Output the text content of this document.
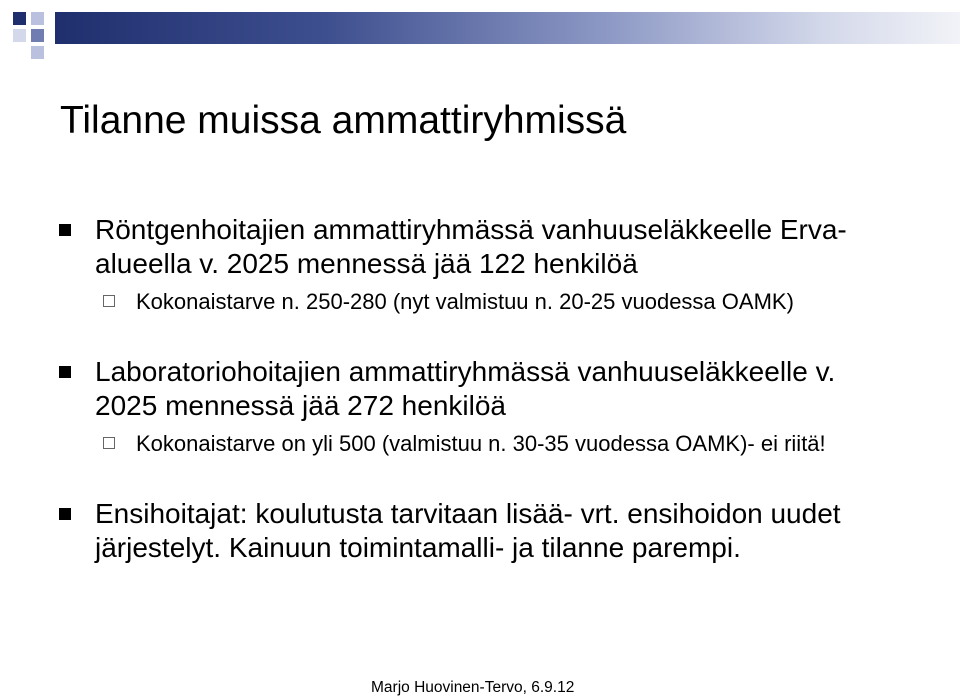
Tilanne muissa ammattiryhmissä
Röntgenhoitajien ammattiryhmässä vanhuuseläkkeelle Erva-alueella v. 2025 mennessä jää 122 henkilöä
Kokonaistarve n. 250-280 (nyt valmistuu n. 20-25 vuodessa OAMK)
Laboratoriohoitajien ammattiryhmässä vanhuuseläkkeelle v. 2025 mennessä jää 272 henkilöä
Kokonaistarve on yli 500 (valmistuu n. 30-35 vuodessa OAMK)- ei riitä!
Ensihoitajat: koulutusta tarvitaan lisää- vrt. ensihoidon uudet järjestelyt. Kainuun toimintamalli- ja tilanne parempi.
Marjo Huovinen-Tervo, 6.9.12
